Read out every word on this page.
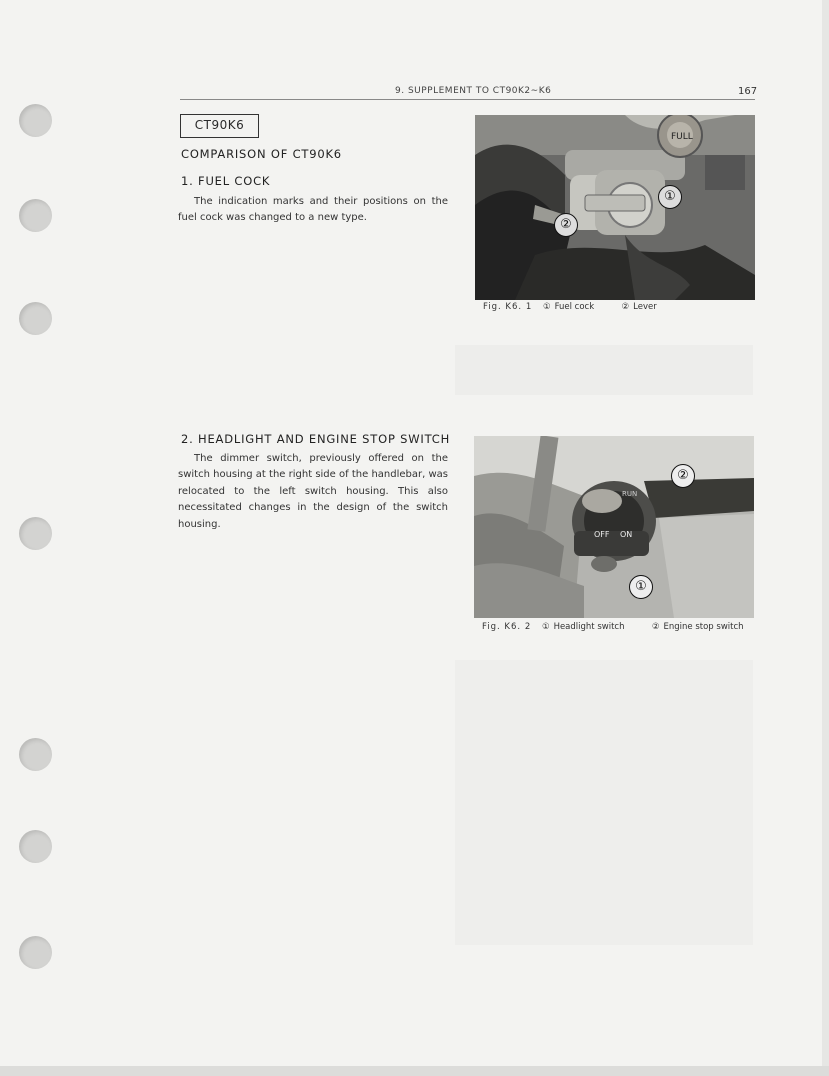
9. SUPPLEMENT TO CT90K2∼K6	167
CT90K6
COMPARISON OF CT90K6
1. FUEL COCK
The indication marks and their positions on the fuel cock was changed to a new type.
2. HEADLIGHT AND ENGINE STOP SWITCH
The dimmer switch, previously offered on the switch housing at the right side of the handlebar, was relocated to the left switch housing. This also necessitated changes in the design of the switch housing.
FULL
①
②
Fig. K6. 1 ① Fuel cock	② Lever
OFF ON
RUN
②
①
Fig. K6. 2 ① Headlight switch	② Engine stop switch
